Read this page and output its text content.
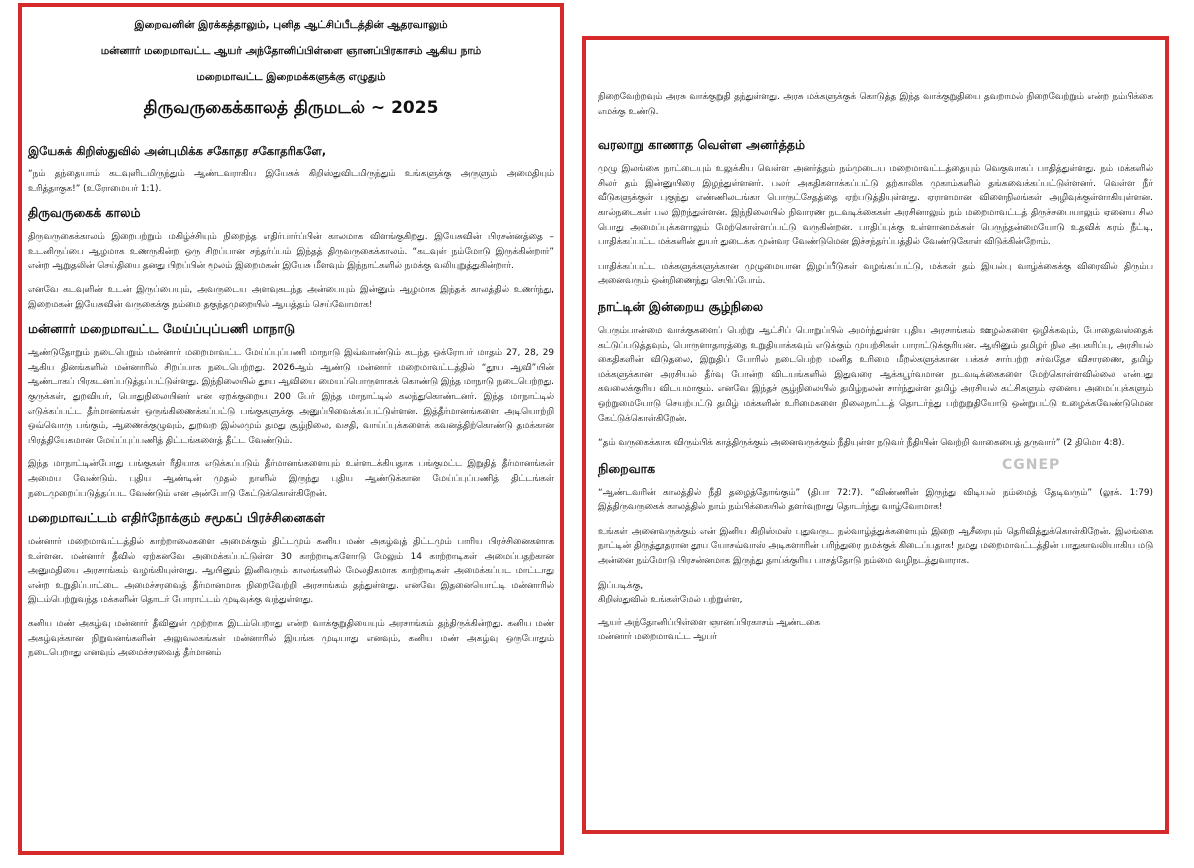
இறைவனின் இரக்கத்தாலும், புனித ஆட்சிப்பீடத்தின் ஆதரவாலும்

மன்னார் மறைமாவட்ட ஆயர் அந்தோனிப்பிள்ளை ஞானப்பிரகாசம் ஆகிய நாம்

மறைமாவட்ட இறைமக்களுக்கு எழுதும்

திருவருகைக்காலத் திருமடல் ~ 2025
இயேசுக் கிறிஸ்துவில் அன்புமிக்க சகோதர சகோதரிகளே,

“நம் தந்தையாம் கடவுளிடமிருந்தும் ஆண்டவராகிய இயேசுக் கிறிஸ்துவிடமிருந்தும் உங்களுக்கு அருளும் அமைதியும் உரித்தாகுக!” (உரோமையர் 1:1).

திருவருகைக் காலம்

திருவருகைக்காலம் இறைபற்றும் மகிழ்ச்சியும் நிறைந்த எதிர்பார்ப்பின் காலமாக விளங்குகிறது. இயேசுவின் பிரசன்னத்தை – உடனிருப்பை ஆழமாக உணருகின்ற ஒரு சிறப்பான சந்தர்ப்பம் இந்தத் திருவருகைக்காலம். “கடவுள் நம்மோடு இருக்கின்றார்” என்ற ஆறுதலின் செய்தியை தனது பிறப்பின் மூலம் இறைமகன் இயேசு மீளவும் இந்நாட்களில் நமக்கு வலியுறுத்துகின்றார்.

எனவே கடவுளின் உடன் இருப்பையும், அவருடைய அளவுகடந்த அன்பையும் இன்னும் ஆழமாக இந்தக் காலத்தில் உணர்ந்து, இறைமகன் இயேசுவின் வருகைக்கு நம்மை தகுந்தமுறையில் ஆயத்தம் செய்வோமாக!

மன்னார் மறைமாவட்ட மேய்ப்புப்பணி மாநாடு

ஆண்டுதோறும் நடைபெறும் மன்னார் மறைமாவட்ட மேய்ப்புப்பணி மாநாடு இவ்வாண்டும் கடந்த ஒக்ரோபர் மாதம் 27, 28, 29 ஆகிய தினங்களில் மன்னாரில் சிறப்பாக நடைபெற்றது. 2026ஆம் ஆண்டு மன்னார் மறைமாவட்டத்தில் “தூய ஆவி”யின் ஆண்டாகப் பிரகடனப்படுத்தப்பட்டுள்ளது. இந்நிலையில் தூய ஆவியை மையப்பொருளாகக் கொண்டு இந்த மாநாடு நடைபெற்றது. குருக்கள், துறவியர், பொதுநிலையினர் என ஏறக்குறைய 200 பேர் இந்த மாநாட்டில் கலந்துகொண்டனர். இந்த மாநாட்டில் எடுக்கப்பட்ட தீர்மானங்கள் ஒருங்கிணைக்கப்பட்டு பங்குகளுக்கு அனுப்பிவைக்கப்பட்டுள்ளன. இத்தீர்மானங்களை அடியொற்றி ஒவ்வொரு பங்கும், ஆணைக்குழுவும், துறவற இல்லமும் தமது சூழ்நிலை, வசதி, வாய்ப்புக்களைக் கவனத்திற்கொண்டு தமக்கான பிரத்தியேகமான மேய்ப்புப்பணித் திட்டங்களைத் தீட்ட வேண்டும்.

இந்த மாநாட்டின்போது பங்குகள் ரீதியாக எடுக்கப்படும் தீர்மானங்களையும் உள்ளடக்கியதாக பங்குமட்ட இறுதித் தீர்மானங்கள் அமைய வேண்டும். புதிய ஆண்டின் முதல் நாளில் இருந்து புதிய ஆண்டுக்கான மேய்ப்புப்பணித் திட்டங்கள் நடைமுறைப்படுத்தப்பட வேண்டும் என அன்போடு கேட்டுக்கொள்கிறேன்.

மறைமாவட்டம் எதிர்நோக்கும் சமூகப் பிரச்சினைகள்

மன்னார் மறைமாவட்டத்தில் காற்றாலைகளை அமைக்கும் திட்டமும் கனிய மண் அகழ்வுத் திட்டமும் பாரிய பிரச்சினைகளாக உள்ளன. மன்னார் தீவில் ஏற்கனவே அமைக்கப்பட்டுள்ள 30 காற்றாடிகளோடு மேலும் 14 காற்றாடிகள் அமைப்பதற்கான அனுமதியை அரசாங்கம் வழங்கியுள்ளது. ஆயினும் இனிவரும் காலங்களில் மேலதிகமாக காற்றாடிகள் அமைக்கப்பட மாட்டாது என்ற உறுதிப்பாட்டை அமைச்சரவைத் தீர்மானமாக நிறைவேற்றி அரசாங்கம் தந்துள்ளது. எனவே இதனையொட்டி மன்னாரில் இடம்பெற்றுவந்த மக்களின் தொடர் போராட்டம் முடிவுக்கு வந்துள்ளது.

கனிய மண் அகழ்வு மன்னார் தீவினுள் முற்றாக இடம்பெறாது என்ற வாக்குறுதியையும் அரசாங்கம் தந்திருக்கின்றது. கனிய மண் அகழ்வுக்கான நிறுவனங்களின் அலுவலகங்கள் மன்னாரில் இயங்க முடியாது எனவும், கனிய மண் அகழ்வு ஒருபோதும் நடைபெறாது எனவும் அமைச்சரவைத் தீர்மானம்

நிறைவேற்றவும் அரசு வாக்குறுதி தந்துள்ளது. அரசு மக்களுக்குக் கொடுத்த இந்த வாக்குறுதியை தவறாமல் நிறைவேற்றும் என்ற நம்பிக்கை எமக்கு உண்டு.

வரலாறு காணாத வெள்ள அனர்த்தம்

முழு இலங்கை நாட்டையும் உலுக்கிய வெள்ள அனர்த்தம் நம்முடைய மறைமாவட்டத்தையும் வெகுவாகப் பாதித்துள்ளது. நம் மக்களில் சிலர் தம் இன்னுயிரை இழந்துள்ளனர். பலர் அகதிகளாக்கப்பட்டு தற்காலிக முகாம்களில் தங்கவைக்கப்பட்டுள்ளனர். வெள்ள நீர் வீடுகளுக்குள் புகுந்து எண்ணிலடங்கா பொருட்சேதத்தை ஏற்படுத்தியுள்ளது. ஏராளமான விளைநிலங்கள் அழிவுக்குள்ளாகியுள்ளன. கால்நடைகள் பல இறந்துள்ளன. இந்நிலையில் நிவாரண நடவடிக்கைகள் அரசினாலும் நம் மறைமாவட்டத் திருச்சபையாலும் ஏனைய சில பொது அமைப்புக்களாலும் மேற்கொள்ளப்பட்டு வருகின்றன. பாதிப்புக்கு உள்ளானமக்கள் பெருந்தன்மையோடு உதவிக் கரம் நீட்டி, பாதிக்கப்பட்ட மக்களின் துயர் துடைக்க முன்வர வேண்டுமென இச்சந்தர்ப்பத்தில் வேண்டுகோள் விடுக்கின்றோம்.

பாதிக்கப்பட்ட மக்களுக்களுக்கான முழுமையான இழப்பீடுகள் வழங்கப்பட்டு, மக்கள் தம் இயல்பு வாழ்க்கைக்கு விரைவில் திரும்ப அனைவரும் ஒன்றிணைந்து செபிப்போம்.

நாட்டின் இன்றைய சூழ்நிலை

பெரும்பான்மை வாக்குகளைப் பெற்று ஆட்சிப் பொறுப்பில் அமர்ந்துள்ள புதிய அரசாங்கம் ஊழல்களை ஒழிக்கவும், போதைவஸ்தைக் கட்டுப்படுத்தவும், பொருளாதாரத்தை உறுதியாக்கவும் எடுக்கும் முயற்சிகள் பாராட்டுக்குரியன. ஆயினும் தமிழர் நில அபகரிப்பு, அரசியல் கைதிகளின் விடுதலை, இறுதிப் போரில் நடைபெற்ற மனித உரிமை மீறல்களுக்கான பக்கச் சார்பற்ற சர்வதேச விசாரணை, தமிழ் மக்களுக்கான அரசியல் தீர்வு போன்ற விடயங்களில் இதுவரை ஆக்கபூர்வமான நடவடிக்கைகளை மேற்கொள்ளவில்லை என்பது கவலைக்குரிய விடயமாகும். எனவே இந்தச் சூழ்நிலையில் தமிழ்நலன் சார்ந்துள்ள தமிழ் அரசியல் கட்சிகளும் ஏனைய அமைப்புக்களும் ஒற்றுமையோடு செயற்பட்டு தமிழ் மக்களின் உரிமைகளை நிலைநாட்டத் தொடர்ந்து பற்றுறுதியோடு ஒன்றுபட்டு உழைக்கவேண்டுமென கேட்டுக்கொள்கிறேன்.

“தம் வருகைக்காக விரும்பிக் காத்திருக்கும் அனைவருக்கும் நீதியுள்ள நடுவர் நீதியின் வெற்றி வாகையைத் தருவார்” (2 திமொ 4:8).

நிறைவாக

“ஆண்டவரின் காலத்தில் நீதி தழைத்தோங்கும்” (திபா 72:7). “விண்ணின் இருந்து விடியல் நம்மைத் தேடிவரும்” (லூக். 1:79) இத்திருவருகைக் காலத்தில் நாம் நம்பிக்கையில் தளர்வுறாது தொடர்ந்து வாழ்வோமாக!

உங்கள் அனைவருக்கும் என் இனிய கிறிஸ்மஸ் புதுவருட நல்வாழ்த்துக்களையும் இறை ஆசீரையும் தெரிவித்துக்கொள்கிறேன். இலங்கை நாட்டின் திருத்தூதரான தூய யோசவ்வாஸ் அடிகளாரின் பரிந்துரை நமக்குக் கிடைப்பதாக! நமது மறைமாவட்டத்தின் பாதுகாவலியாகிய மடு அன்னை நம்மோடு பிரசன்னமாக இருந்து தாய்க்குரிய பாசத்தோடு நம்மை வழிநடத்துவாராக.

இப்படிக்கு,

கிறிஸ்துவில் உங்கள்மேல் பற்றுள்ள,

ஆயர் அந்தோனிப்பிள்ளை ஞானப்பிரகாசம் ஆண்டகை

மன்னார் மறைமாவட்ட ஆயர்

CGNEP
